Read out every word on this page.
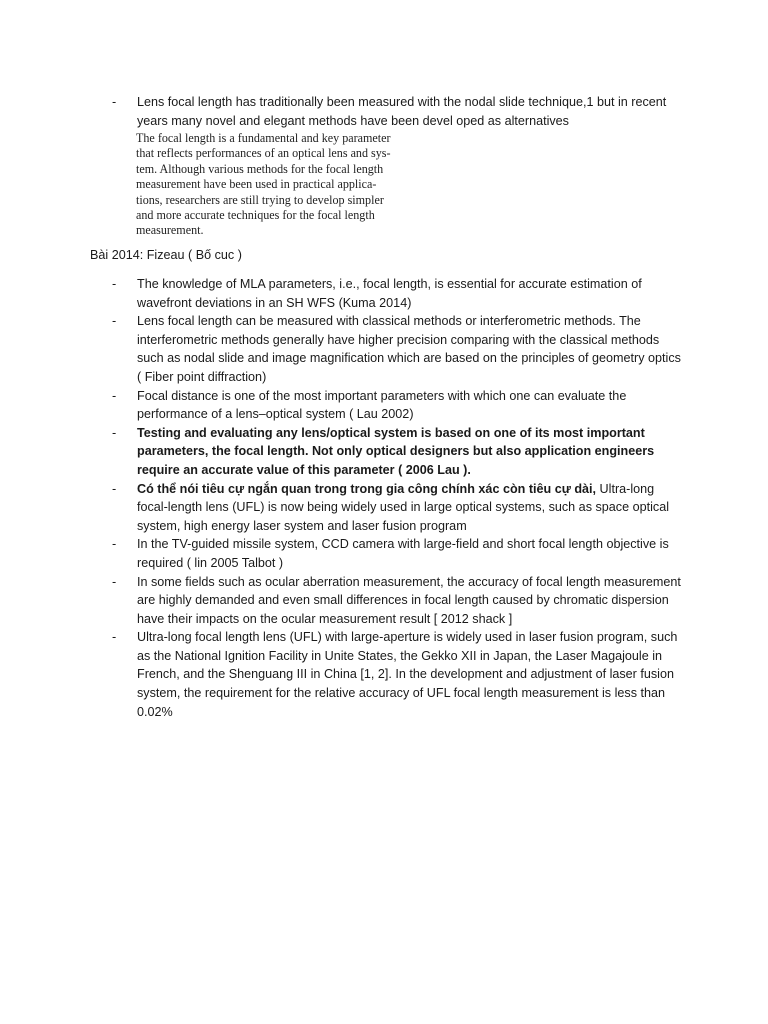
- Lens focal length has traditionally been measured with the nodal slide technique,1 but in recent years many novel and elegant methods have been devel oped as alternatives
The focal length is a fundamental and key parameter
that reflects performances of an optical lens and sys-
tem. Although various methods for the focal length
measurement have been used in practical applica-
tions, researchers are still trying to develop simpler
and more accurate techniques for the focal length
measurement.
Bài 2014: Fizeau ( Bố cuc )
- The knowledge of MLA parameters, i.e., focal length, is essential for accurate estimation of wavefront deviations in an SH WFS (Kuma 2014)
- Lens focal length can be measured with classical methods or interferometric methods. The interferometric methods generally have higher precision comparing with the classical methods such as nodal slide and image magnification which are based on the principles of geometry optics ( Fiber point diffraction)
- Focal distance is one of the most important parameters with which one can evaluate the performance of a lens–optical system ( Lau 2002)
- Testing and evaluating any lens/optical system is based on one of its most important parameters, the focal length. Not only optical designers but also application engineers require an accurate value of this parameter ( 2006 Lau ).
- Có thể nói tiêu cự ngắn quan trong trong gia công chính xác còn tiêu cự dài, Ultra-long focal-length lens (UFL) is now being widely used in large optical systems, such as space optical system, high energy laser system and laser fusion program
- In the TV-guided missile system, CCD camera with large-field and short focal length objective is required ( lin 2005 Talbot )
- In some fields such as ocular aberration measurement, the accuracy of focal length measurement are highly demanded and even small differences in focal length caused by chromatic dispersion have their impacts on the ocular measurement result [ 2012 shack ]
- Ultra-long focal length lens (UFL) with large-aperture is widely used in laser fusion program, such as the National Ignition Facility in Unite States, the Gekko XII in Japan, the Laser Magajoule in French, and the Shenguang III in China [1, 2]. In the development and adjustment of laser fusion system, the requirement for the relative accuracy of UFL focal length measurement is less than 0.02%
